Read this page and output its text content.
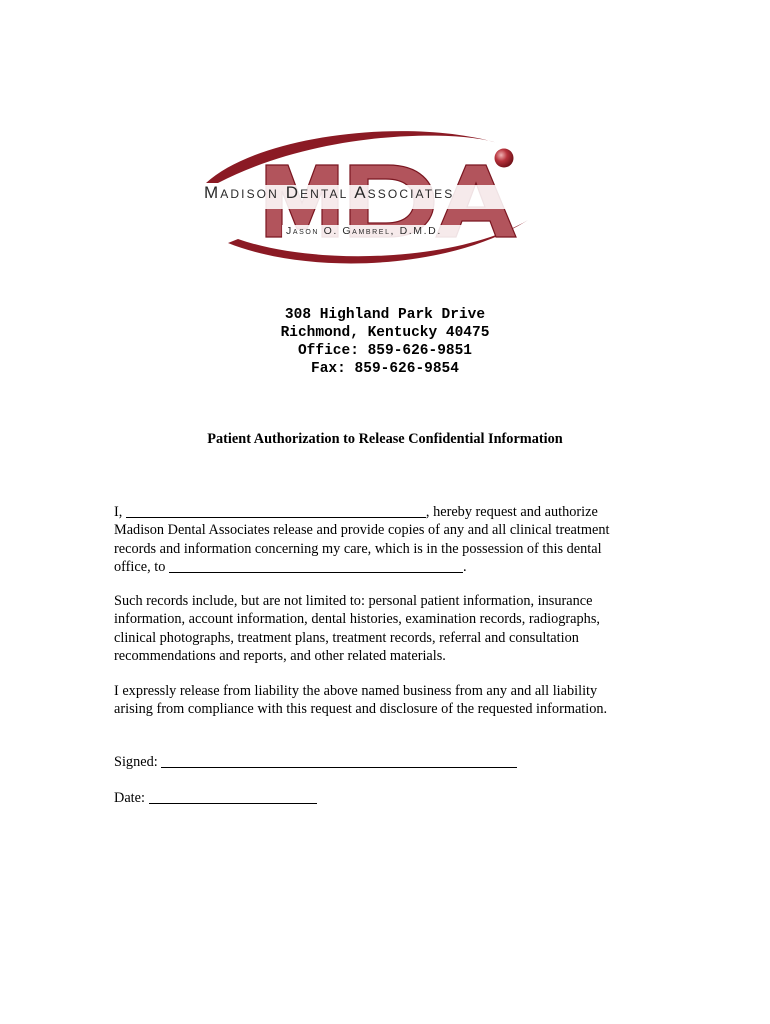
Madison Dental Associates
Jason O. Gambrel, D.M.D.
308 Highland Park Drive
Richmond, Kentucky 40475
Office: 859-626-9851
Fax: 859-626-9854
Patient Authorization to Release Confidential Information
I,	, hereby request and authorize
Madison Dental Associates release and provide copies of any and all clinical treatment
records and information concerning my care, which is in the possession of this dental
office, to	.
Such records include, but are not limited to: personal patient information, insurance
information, account information, dental histories, examination records, radiographs,
clinical photographs, treatment plans, treatment records, referral and consultation
recommendations and reports, and other related materials.
I expressly release from liability the above named business from any and all liability
arising from compliance with this request and disclosure of the requested information.
Signed:
Date:
